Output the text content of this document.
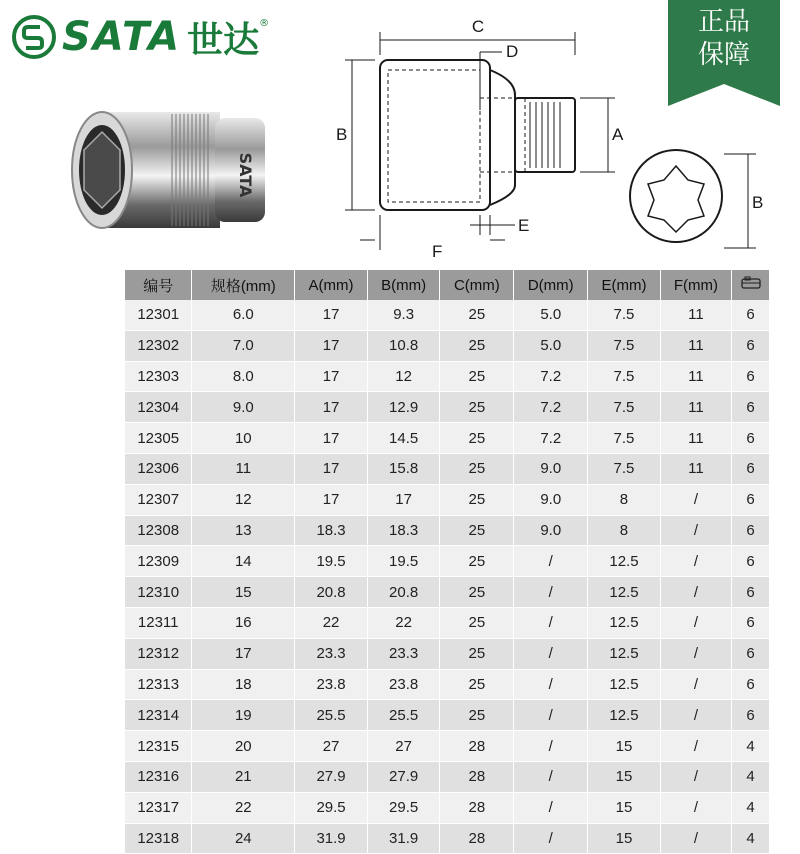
SATA 世达 ®	正品
保障
SATA
C
D
B	A
E
F
B
编号	规格(mm)	A(mm)	B(mm)	C(mm)	D(mm)	E(mm)	F(mm)	
12301	6.0	17	9.3	25	5.0	7.5	11	6
12302	7.0	17	10.8	25	5.0	7.5	11	6
12303	8.0	17	12	25	7.2	7.5	11	6
12304	9.0	17	12.9	25	7.2	7.5	11	6
12305	10	17	14.5	25	7.2	7.5	11	6
12306	11	17	15.8	25	9.0	7.5	11	6
12307	12	17	17	25	9.0	8	/	6
12308	13	18.3	18.3	25	9.0	8	/	6
12309	14	19.5	19.5	25	/	12.5	/	6
12310	15	20.8	20.8	25	/	12.5	/	6
12311	16	22	22	25	/	12.5	/	6
12312	17	23.3	23.3	25	/	12.5	/	6
12313	18	23.8	23.8	25	/	12.5	/	6
12314	19	25.5	25.5	25	/	12.5	/	6
12315	20	27	27	28	/	15	/	4
12316	21	27.9	27.9	28	/	15	/	4
12317	22	29.5	29.5	28	/	15	/	4
12318	24	31.9	31.9	28	/	15	/	4
